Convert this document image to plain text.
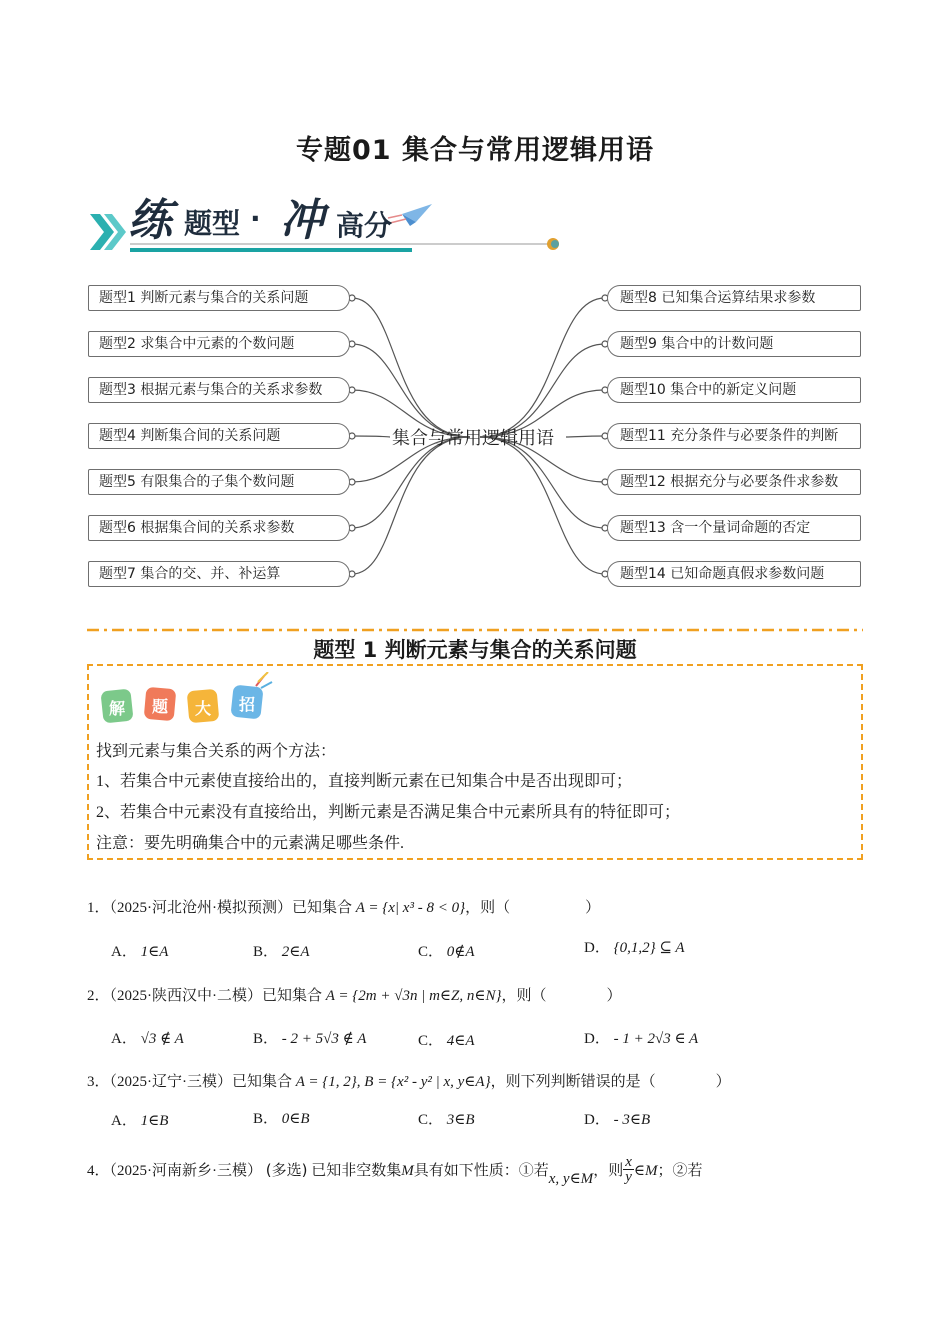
专题01 集合与常用逻辑用语
练 题型 · 冲 高分
集合与常用逻辑用语
题型1 判断元素与集合的关系问题
题型2 求集合中元素的个数问题
题型3 根据元素与集合的关系求参数
题型4 判断集合间的关系问题
题型5 有限集合的子集个数问题
题型6 根据集合间的关系求参数
题型7 集合的交、并、补运算
题型8 已知集合运算结果求参数
题型9 集合中的计数问题
题型10 集合中的新定义问题
题型11 充分条件与必要条件的判断
题型12 根据充分与必要条件求参数
题型13 含一个量词命题的否定
题型14 已知命题真假求参数问题
题型 1 判断元素与集合的关系问题
解 题 大 招
找到元素与集合关系的两个方法：
1、若集合中元素使直接给出的，直接判断元素在已知集合中是否出现即可；
2、若集合中元素没有直接给出，判断元素是否满足集合中元素所具有的特征即可；
注意：要先明确集合中的元素满足哪些条件.
1．（2025·河北沧州·模拟预测）已知集合 A = {x| x³ - 8 < 0}，则（　　　　　）
A． 1∈A	B． 2∈A	C． 0∉A	D． {0,1,2} ⊆ A
2．（2025·陕西汉中·二模）已知集合 A = {2m + √3n | m∈Z, n∈N}，则（　　　　）
A． √3 ∉ A	B． - 2 + 5√3 ∉ A	C． 4∈A	D． - 1 + 2√3 ∈ A
3．（2025·辽宁·三模）已知集合 A = {1, 2}, B = {x² - y² | x, y∈A}，则下列判断错误的是（　　　　）
A． 1∈B	B． 0∈B	C． 3∈B	D． - 3∈B
4．（2025·河南新乡·三模） (多选) 已知非空数集M具有如下性质：①若x, y∈M，则 $\frac{x}{y}$ ∈M；②若
